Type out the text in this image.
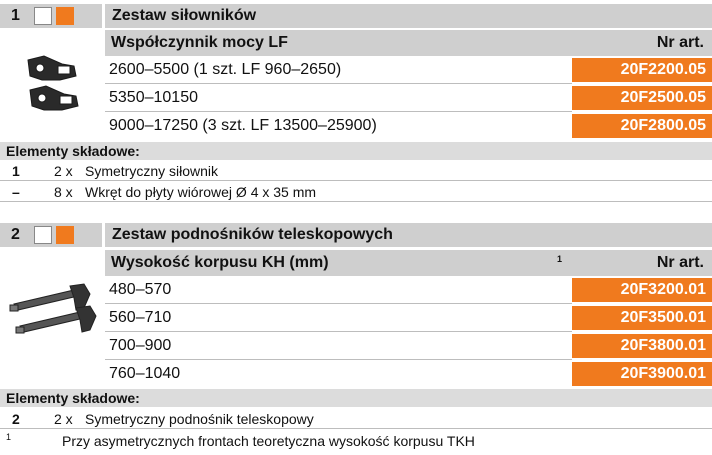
1	Zestaw siłowników
Współczynnik mocy LF	Nr art.
2600–5500 (1 szt. LF 960–2650)	20F2200.05
5350–10150	20F2500.05
9000–17250 (3 szt. LF 13500–25900)	20F2800.05
Elementy składowe:
1 2 x Symetryczny siłownik
– 8 x Wkręt do płyty wiórowej Ø 4 x 35 mm
2	Zestaw podnośników teleskopowych
Wysokość korpusu KH (mm)	1	Nr art.
480–570	20F3200.01
560–710	20F3500.01
700–900	20F3800.01
760–1040	20F3900.01
Elementy składowe:
2 2 x Symetryczny podnośnik teleskopowy
1	Przy asymetrycznych frontach teoretyczna wysokość korpusu TKH
